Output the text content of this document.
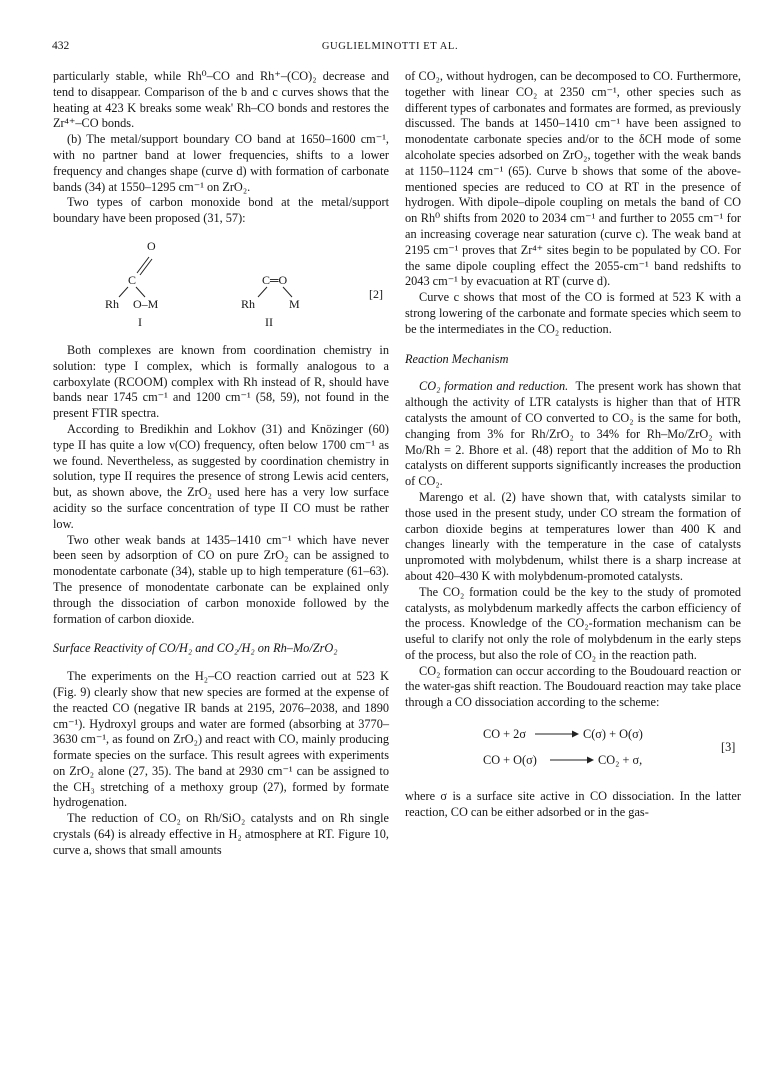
432	GUGLIELMINOTTI ET AL.

particularly stable, while Rh⁰–CO and Rh⁺–(CO)₂ decrease and tend to disappear. Comparison of the b and c curves shows that the heating at 423 K breaks some weak' Rh–CO bonds and restores the Zr⁴⁺–CO bonds.

(b) The metal/support boundary CO band at 1650–1600 cm⁻¹, with no partner band at lower frequencies, shifts to a lower frequency and changes shape (curve d) with formation of carbonate bands (34) at 1550–1295 cm⁻¹ on ZrO₂.

Two types of carbon monoxide bond at the metal/support boundary have been proposed (31, 57):

O
C
Rh O–M
I
C═O
Rh	M
II
[2]

Both complexes are known from coordination chemistry in solution: type I complex, which is formally analogous to a carboxylate (RCOOM) complex with Rh instead of R, should have bands near 1745 cm⁻¹ and 1200 cm⁻¹ (58, 59), not found in the present FTIR spectra.

According to Bredikhin and Lokhov (31) and Knözinger (60) type II has quite a low ν(CO) frequency, often below 1700 cm⁻¹ as we found. Nevertheless, as suggested by coordination chemistry in solution, type II requires the presence of strong Lewis acid centers, but, as shown above, the ZrO₂ used here has a very low surface acidity so the surface concentration of type II CO must be rather low.

Two other weak bands at 1435–1410 cm⁻¹ which have never been seen by adsorption of CO on pure ZrO₂ can be assigned to monodentate carbonate (34), stable up to high temperature (61–63). The presence of monodentate carbonate can be explained only through the dissociation of carbon monoxide followed by the formation of carbon dioxide.

Surface Reactivity of CO/H₂ and CO₂/H₂ on Rh–Mo/ZrO₂

The experiments on the H₂–CO reaction carried out at 523 K (Fig. 9) clearly show that new species are formed at the expense of the reacted CO (negative IR bands at 2195, 2076–2038, and 1890 cm⁻¹). Hydroxyl groups and water are formed (absorbing at 3770–3630 cm⁻¹, as found on ZrO₂) and react with CO, mainly producing formate species on the surface. This result agrees with experiments on ZrO₂ alone (27, 35). The band at 2930 cm⁻¹ can be assigned to the CH₃ stretching of a methoxy group (27), formed by formate hydrogenation.

The reduction of CO₂ on Rh/SiO₂ catalysts and on Rh single crystals (64) is already effective in H₂ atmosphere at RT. Figure 10, curve a, shows that small amounts

of CO₂, without hydrogen, can be decomposed to CO. Furthermore, together with linear CO₂ at 2350 cm⁻¹, other species such as different types of carbonates and formates are formed, as previously discussed. The bands at 1450–1410 cm⁻¹ have been assigned to monodentate carbonate species and/or to the δCH mode of some alcoholate species adsorbed on ZrO₂, together with the weak bands at 1150–1124 cm⁻¹ (65). Curve b shows that some of the above-mentioned species are reduced to CO at RT in the presence of hydrogen. With dipole–dipole coupling on metals the band of CO on Rh⁰ shifts from 2020 to 2034 cm⁻¹ and further to 2055 cm⁻¹ for an increasing coverage near saturation (curve c). The weak band at 2195 cm⁻¹ proves that Zr⁴⁺ sites begin to be populated by CO. For the same dipole coupling effect the 2055-cm⁻¹ band redshifts to 2043 cm⁻¹ by evacuation at RT (curve d).

Curve c shows that most of the CO is formed at 523 K with a strong lowering of the carbonate and formate species which seem to be the intermediates in the CO₂ reduction.

Reaction Mechanism

CO₂ formation and reduction. The present work has shown that although the activity of LTR catalysts is higher than that of HTR catalysts the amount of CO converted to CO₂ is the same for both, changing from 3% for Rh/ZrO₂ to 34% for Rh–Mo/ZrO₂ with Mo/Rh = 2. Bhore et al. (48) report that the addition of Mo to Rh catalysts on different supports significantly increases the production of CO₂.

Marengo et al. (2) have shown that, with catalysts similar to those used in the present study, under CO stream the formation of carbon dioxide begins at temperatures lower than 400 K and changes linearly with the temperature in the case of catalysts unpromoted with molybdenum, whilst there is a sharp increase at about 420–430 K with molybdenum-promoted catalysts.

The CO₂ formation could be the key to the study of promoted catalysts, as molybdenum markedly affects the carbon efficiency of the process. Knowledge of the CO₂-formation mechanism can be useful to clarify not only the role of molybdenum in the early steps of the process, but also the role of CO₂ in the reaction path.

CO₂ formation can occur according to the Boudouard reaction or the water-gas shift reaction. The Boudouard reaction may take place through a CO dissociation according to the scheme:

CO + 2σ → C(σ) + O(σ)
CO + O(σ) → CO₂ + σ,
[3]

where σ is a surface site active in CO dissociation. In the latter reaction, CO can be either adsorbed or in the gas-
